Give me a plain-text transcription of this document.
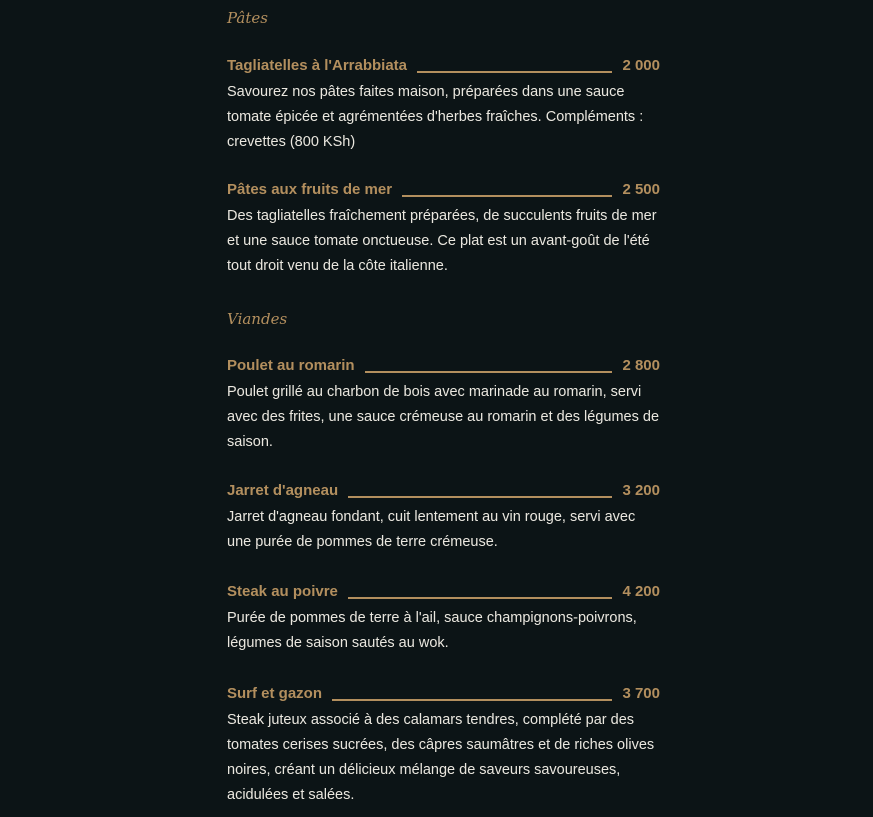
Pâtes
Tagliatelles à l'Arrabbiata	2 000
Savourez nos pâtes faites maison, préparées dans une sauce tomate épicée et agrémentées d'herbes fraîches. Compléments : crevettes (800 KSh)
Pâtes aux fruits de mer	2 500
Des tagliatelles fraîchement préparées, de succulents fruits de mer et une sauce tomate onctueuse. Ce plat est un avant-goût de l'été tout droit venu de la côte italienne.
Viandes
Poulet au romarin	2 800
Poulet grillé au charbon de bois avec marinade au romarin, servi avec des frites, une sauce crémeuse au romarin et des légumes de saison.
Jarret d'agneau	3 200
Jarret d'agneau fondant, cuit lentement au vin rouge, servi avec une purée de pommes de terre crémeuse.
Steak au poivre	4 200
Purée de pommes de terre à l'ail, sauce champignons-poivrons, légumes de saison sautés au wok.
Surf et gazon	3 700
Steak juteux associé à des calamars tendres, complété par des tomates cerises sucrées, des câpres saumâtres et de riches olives noires, créant un délicieux mélange de saveurs savoureuses, acidulées et salées.
